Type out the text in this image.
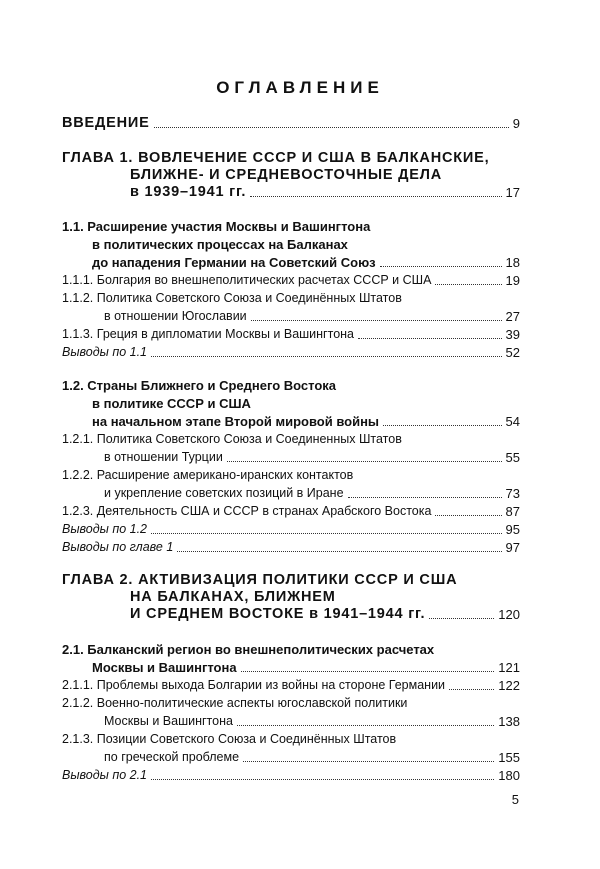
ОГЛАВЛЕНИЕ
ВВЕДЕНИЕ	9
ГЛАВА 1. ВОВЛЕЧЕНИЕ СССР И США В БАЛКАНСКИЕ,
БЛИЖНЕ- И СРЕДНЕВОСТОЧНЫЕ ДЕЛА
в 1939–1941 гг.	17
1.1. Расширение участия Москвы и Вашингтона
в политических процессах на Балканах
до нападения Германии на Советский Союз	18
1.1.1. Болгария во внешнеполитических расчетах СССР и США	19
1.1.2. Политика Советского Союза и Соединённых Штатов
в отношении Югославии	27
1.1.3. Греция в дипломатии Москвы и Вашингтона	39
Выводы по 1.1	52
1.2. Страны Ближнего и Среднего Востока
в политике СССР и США
на начальном этапе Второй мировой войны	54
1.2.1. Политика Советского Союза и Соединенных Штатов
в отношении Турции	55
1.2.2. Расширение американо-иранских контактов
и укрепление советских позиций в Иране	73
1.2.3. Деятельность США и СССР в странах Арабского Востока	87
Выводы по 1.2	95
Выводы по главе 1	97
ГЛАВА 2. АКТИВИЗАЦИЯ ПОЛИТИКИ СССР И США
НА БАЛКАНАХ, БЛИЖНЕМ
И СРЕДНЕМ ВОСТОКЕ в 1941–1944 гг.	120
2.1. Балканский регион во внешнеполитических расчетах
Москвы и Вашингтона	121
2.1.1. Проблемы выхода Болгарии из войны на стороне Германии	122
2.1.2. Военно-политические аспекты югославской политики
Москвы и Вашингтона	138
2.1.3. Позиции Советского Союза и Соединённых Штатов
по греческой проблеме	155
Выводы по 2.1	180
5
